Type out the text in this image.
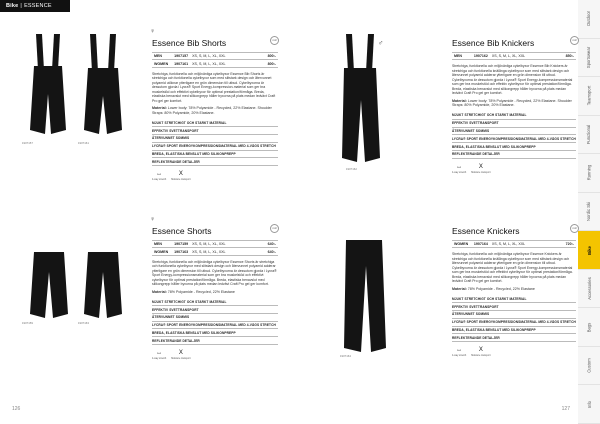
Bike | ESSENCE
Outdoor
Sportswear
Teamsport
Functional
Running
Nordic Ski
Bike
Accessories
Bags
Custom
Info
126	127
1907157	1907161
Essence Bib Shorts
MEN	1907157	XS, S, M, L, XL, XXL	800:-
WOMEN	1907161	XS, S, M, L, XL, XXL	800:-
Stretchiga, funktionella och miljövänliga cykelbyxor Essence Bib Shorts är stretchiga och funktionella cykelbyxor som med slitstark design och återvunnet polyamid utöknar ytterligare en grön dimension till utbud. Cykelbyxorna är dessutom gjorda i Lycra® Sport Energy-kompression-material som ger bra muskelstöd och effektivt cykelbyxor för optimal prestation/förmåga. Breda, elastiska benavslut med silikongrepp håller byxorna på plats medan ledvävt Craft Pro gel ger komfort.
Material: Lower body: 78% Polyamide - Recycled, 22% Elastane. Shoulder Straps: 80% Polyamide, 20% Elastane.
MJUKT STRETCHIGT OCH STARKT MATERIAL
EFFEKTIV SVETTRANSPORT
ÅTERVUNNET SOMMIS
LYCRA® SPORT ENERGYKOMPRESSIONSMATERIAL MED 4-VÄGS STRETCH
BREDA, ELASTISKA BENSLUT MED SILIKONPREPP
REFLEKTERANDE DETALJER
↔
4-way stretch
X
Moisture transport
♀
craft
1907162
Essence Bib Knickers
MEN	1907162	XS, S, M, L, XL, XXL	850:-
Stretchiga, funktionella och miljövänliga cykelbyxor Essence Bib Knickers är stretchiga och funktionella knälånga cykelbyxor som med slitstark design och återvunnet polyamid adderar ytterligare en grön dimension till utbud. Cykelbyxorna är dessutom gjorda i Lycra® Sport Energy-kompressionsmaterial som ger bra muskelstöd och effektiv cykelbyxor för optimal prestation/förmåga. Breda, elastiska benavslut med silikongrepp håller byxorna på plats medan ledvävt Craft Pro gel ger komfort.
Material: Lower body: 78% Polyamide - Recycled, 22% Elastane. Shoulder Straps: 80% Polyamide, 20% Elastane.
MJUKT STRETCHIGT OCH STARKT MATERIAL
EFFEKTIV SVETTRANSPORT
ÅTERVUNNET SOMMIS
LYCRA® SPORT ENERGYKOMPRESSIONSMATERIAL MED 4-VÄGS STRETCH
BREDA, ELASTISKA BENSLUT MED SILIKONPREPP
REFLEKTERANDE DETALJER
↔
4-way stretch
X
Moisture transport
♂	craft
1907159	1907163
Essence Shorts
MEN	1907159	XS, S, M, L, XL, XXL	640:-
WOMEN	1907163	XS, S, M, L, XL, XXL	640:-
Stretchiga, funktionella och miljövänliga cykelbyxor Essence Shorts är stretchiga och funktionella cykelbyxor med slitstark design och återvunnet polyamid adderar ytterligare en grön dimension till utbud. Cykelbyxorna är dessutom gjorda i Lycra® Sport Energy-kompressionsmaterial som ger bra muskelstöd och effektivt cykelbyxor för optimal prestation/förmåga. Breda, elastiska benavslut med silikongrepp håller byxorna på plats medan ledvävt Craft Pro gel ger komfort.
Material: 78% Polyamide - Recycled, 22% Elastane
MJUKT STRETCHIGT OCH STARKT MATERIAL
EFFEKTIV SVETTRANSPORT
ÅTERVUNNET SOMMIS
LYCRA® SPORT ENERGYKOMPRESSIONSMATERIAL MED 4-VÄGS STRETCH
BREDA, ELASTISKA BENSLUT MED SILIKONPREPP
REFLEKTERANDE DETALJER
↔
4-way stretch
X
Moisture transport
♀
craft
1907164
Essence Knickers
WOMEN	1907164	XS, S, M, L, XL, XXL	720:-
Stretchiga, funktionella och miljövänliga cykelbyxor Essence Knickers är stretchiga och funktionella knälånga cykelbyxor som med slitstark design och återvunnet polyamid adderar ytterligare en grön dimension till utbud. Cykelbyxorna är dessutom gjorda i Lycra® Sport Energy-kompressionsmaterial som ger bra muskelstöd och effektivt cykelbyxor för optimal prestation/förmåga. Breda, elastiska benavslut med silikongrepp håller byxorna på plats medan ledvävt Craft Pro gel ger komfort.
Material: 78% Polyamide - Recycled, 22% Elastane
MJUKT STRETCHIGT OCH STARKT MATERIAL
EFFEKTIV SVETTRANSPORT
ÅTERVUNNET SOMMIS
LYCRA® SPORT ENERGYKOMPRESSIONSMATERIAL MED 4-VÄGS STRETCH
BREDA, ELASTISKA BENSLUT MED SILIKONPREPP
REFLEKTERANDE DETALJER
↔
4-way stretch
X
Moisture transport
craft
